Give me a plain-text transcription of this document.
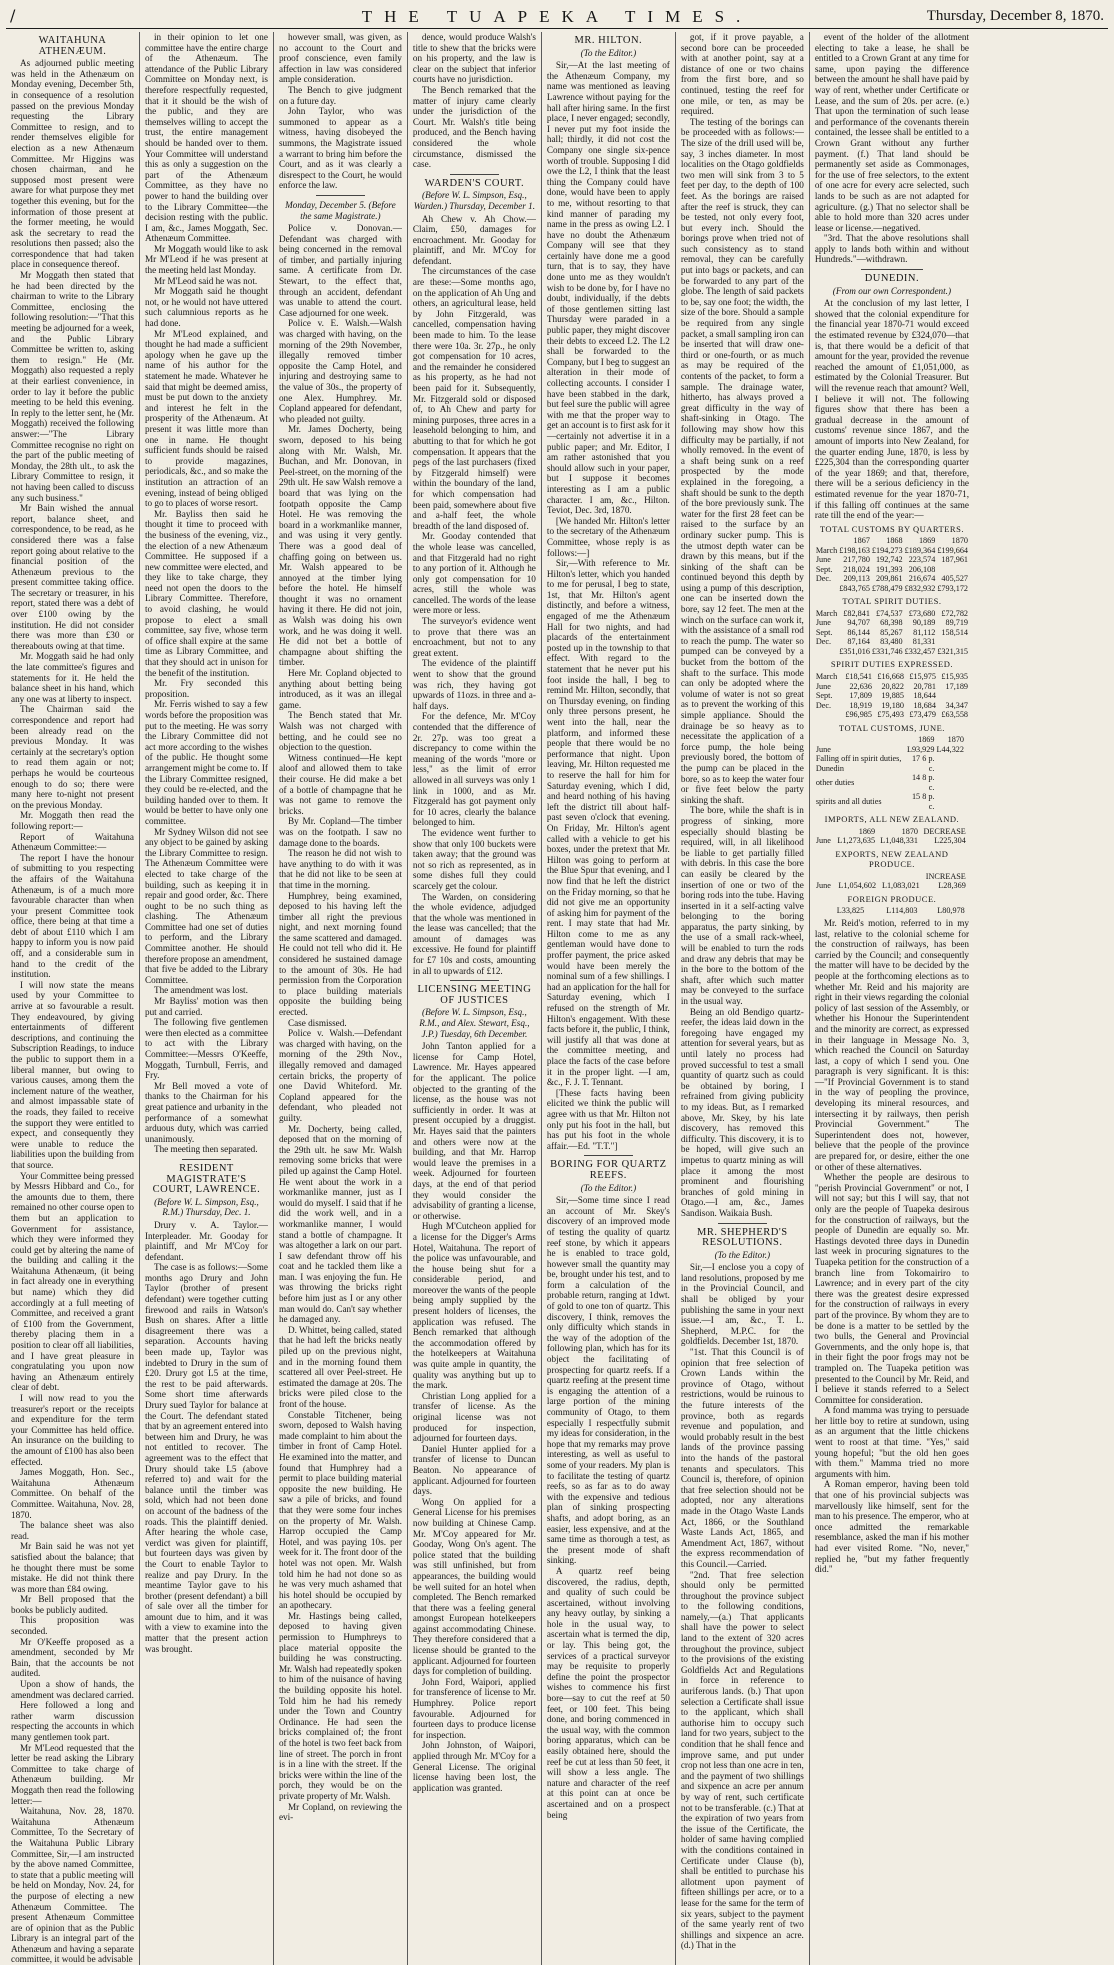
/	THE TUAPEKA TIMES.	Thursday, December 8, 1870.
WAITAHUNA ATHENÆUM.

As adjourned public meeting was held in the Athenæum on Monday evening, December 5th, in consequence of a resolution passed on the previous Monday requesting the Library Committee to resign, and to render themselves eligible for election as a new Athenæum Committee. Mr Higgins was chosen chairman, and he supposed most present were aware for what purpose they met together this evening, but for the information of those present at the former meeting, he would ask the secretary to read the resolutions then passed; also the correspondence that had taken place in consequence thereof.

Mr Moggath then stated that he had been directed by the chairman to write to the Library Committee, enclosing the following resolution:—"That this meeting be adjourned for a week, and the Public Library Committee be written to, asking them to resign." He (Mr. Moggath) also requested a reply at their earliest convenience, in order to lay it before the public meeting to be held this evening. In reply to the letter sent, he (Mr. Moggath) received the following answer:—"The Library Committee recognise no right on the part of the public meeting of Monday, the 28th ult., to ask the Library Committee to resign, it not having been called to discuss any such business."

Mr Bain wished the annual report, balance sheet, and correspondence, to be read, as he considered there was a false report going about relative to the financial position of the Athenæum previous to the present committee taking office. The secretary or treasurer, in his report, stated there was a debt of over £100 owing by the institution. He did not consider there was more than £30 or thereabouts owing at that time.

Mr. Moggath said he had only the late committee's figures and statements for it. He held the balance sheet in his hand, which any one was at liberty to inspect.

The Chairman said the correspondence and report had been already read on the previous Monday. It was certainly at the secretary's option to read them again or not; perhaps he would be courteous enough to do so; there were many here to-night not present on the previous Monday.

Mr. Moggath then read the following report:—

Report of Waitahuna Athenæum Committee:—

The report I have the honour of submitting to you respecting the affairs of the Waitahuna Athenæum, is of a much more favourable character than when your present Committee took office, there being at that time a debt of about £110 which I am happy to inform you is now paid off, and a considerable sum in hand to the credit of the institution.

I will now state the means used by your Committee to arrive at so favourable a result. They endeavoured, by giving entertainments of different descriptions, and continuing the Subscription Readings, to induce the public to support them in a liberal manner, but owing to various causes, among them the inclement nature of the weather, and almost impassable state of the roads, they failed to receive the support they were entitled to expect, and consequently they were unable to reduce the liabilities upon the building from that source.

Your Committee being pressed by Messrs Hibbard and Co., for the amounts due to them, there remained no other course open to them but an application to Government for assistance, which they were informed they could get by altering the name of the building and calling it the Waitahuna Athenæum, (it being in fact already one in everything but name) which they did accordingly at a full meeting of Committee, and received a grant of £100 from the Government, thereby placing them in a position to clear off all liabilities, and I have great pleasure in congratulating you upon now having an Athenæum entirely clear of debt.

I will now read to you the treasurer's report or the receipts and expenditure for the term your Committee has held office. An insurance on the building to the amount of £100 has also been effected.

James Moggath, Hon. Sec., Waitahuna Athenæum Committee. On behalf of the Committee. Waitahuna, Nov. 28, 1870.

The balance sheet was also read.

Mr Bain said he was not yet satisfied about the balance; that he thought there must be some mistake. He did not think there was more than £84 owing.

Mr Bell proposed that the books be publicly audited.

This proposition was seconded.

Mr O'Keeffe proposed as a amendment, seconded by Mr Bain, that the accounts be not audited.

Upon a show of hands, the amendment was declared carried.

Here followed a long and rather warm discussion respecting the accounts in which many gentlemen took part.

Mr M'Leod requested that the letter be read asking the Library Committee to take charge of Athenæum building. Mr Moggath then read the following letter:—

Waitahuna, Nov. 28, 1870. Waitahuna Athenæum Committee, To the Secretary of the Waitahuna Public Library Committee, Sir,—I am instructed by the above named Committee, to state that a public meeting will be held on Monday, Nov. 24, for the purpose of electing a new Athenæum Committee. The present Athenæum Committee are of opinion that as the Public Library is an integral part of the Athenæum and having a separate committee, it would be advisable

in their opinion to let one committee have the entire charge of the Athenæum. The attendance of the Public Library Committee on Monday next, is therefore respectfully requested, that it it should be the wish of the public, and they are themselves willing to accept the trust, the entire management should be handed over to them. Your Committee will understand this as only a suggestion on the part of the Athenæum Committee, as they have no power to hand the building over to the Library Committee—the decision resting with the public. I am, &c., James Moggath, Sec. Athenæum Committee.

Mr Moggath would like to ask Mr M'Leod if he was present at the meeting held last Monday.

Mr M'Leod said he was not.

Mr Moggath said he thought not, or he would not have uttered such calumnious reports as he had done.

Mr M'Leod explained, and thought he had made a sufficient apology when he gave up the name of his author for the statement he made. Whatever he said that might be deemed amiss, must be put down to the anxiety and interest he felt in the prosperity of the Athenæum. At present it was little more than one in name. He thought sufficient funds should be raised to provide magazines, periodicals, &c., and so make the institution an attraction of an evening, instead of being obliged to go to places of worse resort.

Mr. Bayliss then said he thought it time to proceed with the business of the evening, viz., the election of a new Athenæum Committee. He supposed if a new committee were elected, and they like to take charge, they need not open the doors to the Library Committee. Therefore, to avoid clashing, he would propose to elect a small committee, say five, whose term of office shall expire at the same time as Library Committee, and that they should act in unison for the benefit of the institution.

Mr. Fry seconded this proposition.

Mr. Ferris wished to say a few words before the proposition was put to the meeting. He was sorry the Library Committee did not act more according to the wishes of the public. He thought some arrangement might be come to. If the Library Committee resigned, they could be re-elected, and the building handed over to them. It would be better to have only one committee.

Mr Sydney Wilson did not see any object to be gained by asking the Library Committee to resign. The Athenæum Committee were elected to take charge of the building, such as keeping it in repair and good order, &c. There ought to be no such thing as clashing. The Athenæum Committee had one set of duties to perform, and the Library Committee another. He should therefore propose an amendment, that five be added to the Library Committee.

The amendment was lost.

Mr Bayliss' motion was then put and carried.

The following five gentlemen were then elected as a committee to act with the Library Committee:—Messrs O'Keeffe, Moggath, Turnbull, Ferris, and Fry.

Mr Bell moved a vote of thanks to the Chairman for his great patience and urbanity in the performance of a somewhat arduous duty, which was carried unanimously.

The meeting then separated.

RESIDENT MAGISTRATE'S COURT, LAWRENCE.
(Before W. L. Simpson, Esq., R.M.) Thursday, Dec. 1.

Drury v. A. Taylor.—Interpleader. Mr. Gooday for plaintiff, and Mr M'Coy for defendant.

The case is as follows:—Some months ago Drury and John Taylor (brother of present defendant) were together cutting firewood and rails in Watson's Bush on shares. After a little disagreement there was a separation. Accounts having been made up, Taylor was indebted to Drury in the sum of £20. Drury got L5 at the time, the rest to be paid afterwards. Some short time afterwards Drury sued Taylor for balance at the Court. The defendant stated that by an agreement entered into between him and Drury, he was not entitled to recover. The agreement was to the effect that Drury should take L5 (above referred to) and wait for the balance until the timber was sold, which had not been done on account of the badness of the roads. This the plaintiff denied. After hearing the whole case, verdict was given for plaintiff, but fourteen days was given by the Court to enable Taylor to realize and pay Drury. In the meantime Taylor gave to his brother (present defendant) a bill of sale over all the timber for amount due to him, and it was with a view to examine into the matter that the present action was brought.

however small, was given, as no account to the Court and proof conscience, even family affection in law was considered ample consideration.

The Bench to give judgment on a future day.

John Taylor, who was summoned to appear as a witness, having disobeyed the summons, the Magistrate issued a warrant to bring him before the Court, and as it was clearly a disrespect to the Court, he would enforce the law.

Monday, December 5. (Before the same Magistrate.)

Police v. Donovan.—Defendant was charged with being concerned in the removal of timber, and partially injuring same. A certificate from Dr. Stewart, to the effect that, through an accident, defendant was unable to attend the court. Case adjourned for one week.

Police v. E. Walsh.—Walsh was charged with having, on the morning of the 29th November, illegally removed timber opposite the Camp Hotel, and injuring and destroying same to the value of 30s., the property of one Alex. Humphrey. Mr. Copland appeared for defendant, who pleaded not guilty.

Mr. James Docherty, being sworn, deposed to his being along with Mr. Walsh, Mr. Buchan, and Mr. Donovan, in Peel-street, on the morning of the 29th ult. He saw Walsh remove a board that was lying on the footpath opposite the Camp Hotel. He was removing the board in a workmanlike manner, and was using it very gently. There was a good deal of chaffing going on between us. Mr. Walsh appeared to be annoyed at the timber lying before the hotel. He himself thought it was no ornament having it there. He did not join, as Walsh was doing his own work, and he was doing it well. He did not bet a bottle of champagne about shifting the timber.

Here Mr. Copland objected to anything about betting being introduced, as it was an illegal game.

The Bench stated that Mr. Walsh was not charged with betting, and he could see no objection to the question.

Witness continued—He kept aloof and allowed them to take their course. He did make a bet of a bottle of champagne that he was not game to remove the bricks.

By Mr. Copland—The timber was on the footpath. I saw no damage done to the boards.

The reason he did not wish to have anything to do with it was that he did not like to be seen at that time in the morning.

Humphrey, being examined, deposed to his having left the timber all right the previous night, and next morning found the same scattered and damaged. He could not tell who did it. He considered he sustained damage to the amount of 30s. He had permission from the Corporation to place building materials opposite the building being erected.

Case dismissed.

Police v. Walsh.—Defendant was charged with having, on the morning of the 29th Nov., illegally removed and damaged certain bricks, the property of one David Whiteford. Mr. Copland appeared for the defendant, who pleaded not guilty.

Mr. Docherty, being called, deposed that on the morning of the 29th ult. he saw Mr. Walsh removing some bricks that were piled up against the Camp Hotel. He went about the work in a workmanlike manner, just as I would do myself. I said that if he did the work well, and in a workmanlike manner, I would stand a bottle of champagne. It was altogether a lark on our part. I saw defendant throw off his coat and he tackled them like a man. I was enjoying the fun. He was throwing the bricks right before him just as I or any other man would do. Can't say whether he damaged any.

D. Whittet, being called, stated that he had left the bricks neatly piled up on the previous night, and in the morning found them scattered all over Peel-street. He estimated the damage at 20s. The bricks were piled close to the front of the house.

Constable Titchener, being sworn, deposed to Walsh having made complaint to him about the timber in front of Camp Hotel. He examined into the matter, and found that Humphrey had a permit to place building material opposite the new building. He saw a pile of bricks, and found that they were some four inches on the property of Mr. Walsh. Harrop occupied the Camp Hotel, and was paying 10s. per week for it. The front door of the hotel was not open. Mr. Walsh told him he had not done so as he was very much ashamed that his hotel should be occupied by an apothecary.

Mr. Hastings being called, deposed to having given permission to Humphreys to place material opposite the building he was constructing. Mr. Walsh had repeatedly spoken to him of the nuisance of having the building opposite his hotel. Told him he had his remedy under the Town and Country Ordinance. He had seen the bricks complained of; the front of the hotel is two feet back from line of street. The porch in front is in a line with the street. If the bricks were within the line of the porch, they would be on the private property of Mr. Walsh.

Mr Copland, on reviewing the evi-

dence, would produce Walsh's title to shew that the bricks were on his property, and the law is clear on the subject that inferior courts have no jurisdiction.

The Bench remarked that the matter of injury came clearly under the jurisdiction of the Court. Mr. Walsh's title being produced, and the Bench having considered the whole circumstance, dismissed the case.

WARDEN'S COURT.
(Before W. L. Simpson, Esq., Warden.) Thursday, December 1.

Ah Chew v. Ah Chow.—Claim, £50, damages for encroachment. Mr. Gooday for plaintiff, and Mr. M'Coy for defendant.

The circumstances of the case are these:—Some months ago, on the application of Ah Ung and others, an agricultural lease, held by John Fitzgerald, was cancelled, compensation having been made to him. To the lease there were 10a. 3r. 27p., he only got compensation for 10 acres, and the remainder he considered as his property, as he had not been paid for it. Subsequently, Mr. Fitzgerald sold or disposed of, to Ah Chew and party for mining purposes, three acres in a leasehold belonging to him, and abutting to that for which he got compensation. It appears that the pegs of the last purchasers (fixed by Fitzgerald himself) were within the boundary of the land, for which compensation had been paid, somewhere about five and a-half feet, the whole breadth of the land disposed of.

Mr. Gooday contended that the whole lease was cancelled, and that Fitzgerald had no right to any portion of it. Although he only got compensation for 10 acres, still the whole was cancelled. The words of the lease were more or less.

The surveyor's evidence went to prove that there was an encroachment, but not to any great extent.

The evidence of the plaintiff went to show that the ground was rich, they having got upwards of 11ozs. in three and a-half days.

For the defence, Mr. M'Coy contended that the difference of 2r. 27p. was too great a discrepancy to come within the meaning of the words "more or less," as the limit of error allowed in all surveys was only 1 link in 1000, and as Mr. Fitzgerald has got payment only for 10 acres, clearly the balance belonged to him.

The evidence went further to show that only 100 buckets were taken away; that the ground was not so rich as represented, as in some dishes full they could scarcely get the colour.

The Warden, on considering the whole evidence, adjudged that the whole was mentioned in the lease was cancelled; that the amount of damages was excessive. He found for plaintiff for £7 10s and costs, amounting in all to upwards of £12.

LICENSING MEETING OF JUSTICES
(Before W. L. Simpson, Esq., R.M., and Alex. Stewart, Esq., J.P.) Tuesday, 6th December.

John Tanton applied for a license for Camp Hotel, Lawrence. Mr. Hayes appeared for the applicant. The police objected to the granting of the license, as the house was not sufficiently in order. It was at present occupied by a druggist. Mr. Hayes said that the painters and others were now at the building, and that Mr. Harrop would leave the premises in a week. Adjourned for fourteen days, at the end of that period they would consider the advisability of granting a license, or otherwise.

Hugh M'Cutcheon applied for a license for the Digger's Arms Hotel, Waitahuna. The report of the police was unfavourable, and the house being shut for a considerable period, and moreover the wants of the people being amply supplied by the present holders of licenses, the application was refused. The Bench remarked that although the accommodation offered by the hotelkeepers at Waitahuna was quite ample in quantity, the quality was anything but up to the mark.

Christian Long applied for a transfer of license. As the original license was not produced for inspection, adjourned for fourteen days.

Daniel Hunter applied for a transfer of license to Duncan Beaton. No appearance of applicant. Adjourned for fourteen days.

Wong On applied for a General License for his premises now building at Chinese Camp. Mr. M'Coy appeared for Mr. Gooday, Wong On's agent. The police stated that the building was still unfinished, but from appearances, the building would be well suited for an hotel when completed. The Bench remarked that there was a feeling general amongst European hotelkeepers against accommodating Chinese. They therefore considered that a license should be granted to the applicant. Adjourned for fourteen days for completion of building.

John Ford, Waipori, applied for transference of license to Mr. Humphrey. Police report favourable. Adjourned for fourteen days to produce license for inspection.

John Johnston, of Waipori, applied through Mr. M'Coy for a General License. The original license having been lost, the application was granted.

MR. HILTON.
(To the Editor.)

Sir,—At the last meeting of the Athenæum Company, my name was mentioned as leaving Lawrence without paying for the hall after hiring same. In the first place, I never engaged; secondly, I never put my foot inside the hall; thirdly, it did not cost the Company one single six-pence worth of trouble. Supposing I did owe the L2, I think that the least thing the Company could have done, would have been to apply to me, without resorting to that kind manner of parading my name in the press as owing L2. I have no doubt the Athenæum Company will see that they certainly have done me a good turn, that is to say, they have done unto me as they wouldn't wish to be done by, for I have no doubt, individually, if the debts of those gentlemen sitting last Thursday were paraded in a public paper, they might discover their debts to exceed L2. The L2 shall be forwarded to the Company, but I beg to suggest an alteration in their mode of collecting accounts. I consider I have been stabbed in the dark, but feel sure the public will agree with me that the proper way to get an account is to first ask for it—certainly not advertise it in a public paper; and Mr. Editor, I am rather astonished that you should allow such in your paper, but I suppose it becomes interesting as I am a public character. I am, &c., Hilton. Teviot, Dec. 3rd, 1870.

[We handed Mr. Hilton's letter to the secretary of the Athenæum Committee, whose reply is as follows:—]

Sir,—With reference to Mr. Hilton's letter, which you handed to me for perusal, I beg to state, 1st, that Mr. Hilton's agent distinctly, and before a witness, engaged of me the Athenæum Hall for two nights, and had placards of the entertainment posted up in the township to that effect. With regard to the statement that he never put his foot inside the hall, I beg to remind Mr. Hilton, secondly, that on Thursday evening, on finding only three persons present, he went into the hall, near the platform, and informed these people that there would be no performance that night. Upon leaving, Mr. Hilton requested me to reserve the hall for him for Saturday evening, which I did, and heard nothing of his having left the district till about half-past seven o'clock that evening. On Friday, Mr. Hilton's agent called with a vehicle to get his boxes, under the pretext that Mr. Hilton was going to perform at the Blue Spur that evening, and I now find that he left the district on the Friday morning, so that he did not give me an opportunity of asking him for payment of the rent. I may state that had Mr. Hilton come to me as any gentleman would have done to proffer payment, the price asked would have been merely the nominal sum of a few shillings. I had an application for the hall for Saturday evening, which I refused on the strength of Mr. Hilton's engagement. With these facts before it, the public, I think, will justify all that was done at the committee meeting, and place the facts of the case before it in the proper light. —I am, &c., F. J. T. Tennant.

[These facts having been elicited we think the public will agree with us that Mr. Hilton not only put his foot in the hall, but has put his foot in the whole affair.—Ed. "T.T."]

BORING FOR QUARTZ REEFS.
(To the Editor.)

Sir,—Some time since I read an account of Mr. Skey's discovery of an improved mode of testing the quality of quartz reef stone, by which it appears he is enabled to trace gold, however small the quantity may be, brought under his test, and to form a calculation of the probable return, ranging at 1dwt. of gold to one ton of quartz. This discovery, I think, removes the only difficulty which stands in the way of the adoption of the following plan, which has for its object the facilitating of prospecting for quartz reefs. If a quartz reefing at the present time is engaging the attention of a large portion of the mining community of Otago, to them especially I respectfully submit my ideas for consideration, in the hope that my remarks may prove interesting, as well as useful to some of your readers. My plan is to facilitate the testing of quartz reefs, so as far as to do away with the expensive and tedious plan of sinking prospecting shafts, and adopt boring, as an easier, less expensive, and at the same time as thorough a test, as the present mode of shaft sinking.

A quartz reef being discovered, the radius, depth, and quality of such could be ascertained, without involving any heavy outlay, by sinking a hole in the usual way, to ascertain what is termed the dip, or lay. This being got, the services of a practical surveyor may be requisite to properly define the point the prospector wishes to commence his first bore—say to cut the reef at 50 feet, or 100 feet. This being done, and boring commenced in the usual way, with the common boring apparatus, which can be easily obtained here, should the reef be cut at less than 50 feet, it will show a less angle. The nature and character of the reef at this point can at once be ascertained and on a prospect being

got, if it prove payable, a second bore can be proceeded with at another point, say at a distance of one or two chains from the first bore, and so continued, testing the reef for one mile, or ten, as may be required.

The testing of the borings can be proceeded with as follows:—The size of the drill used will be, say, 3 inches diameter. In most localities on the Otago goldfields two men will sink from 3 to 5 feet per day, to the depth of 100 feet. As the borings are raised after the reef is struck, they can be tested, not only every foot, but every inch. Should the borings prove when tried not of such consistency as to stand removal, they can be carefully put into bags or packets, and can be forwarded to any part of the globe. The length of said packets to be, say one foot; the width, the size of the bore. Should a sample be required from any single packet, a small sampling iron can be inserted that will draw one-third or one-fourth, or as much as may be required of the contents of the packet, to form a sample. The drainage water, hitherto, has always proved a great difficulty in the way of shaft-sinking in Otago. The following may show how this difficulty may be partially, if not wholly removed. In the event of a shaft being sunk on a reef prospected by the mode explained in the foregoing, a shaft should be sunk to the depth of the bore previously sunk. The water for the first 28 feet can be raised to the surface by an ordinary sucker pump. This is the utmost depth water can be drawn by this means, but if the sinking of the shaft can be continued beyond this depth by using a pump of this description, one can be inserted down the bore, say 12 feet. The men at the winch on the surface can work it, with the assistance of a small rod to reach the pump. The water so pumped can be conveyed by a bucket from the bottom of the shaft to the surface. This mode can only be adopted where the volume of water is not so great as to prevent the working of this simple appliance. Should the drainage be so heavy as to necessitate the application of a force pump, the hole being previously bored, the bottom of the pump can be placed in the bore, so as to keep the water four or five feet below the party sinking the shaft.

The bore, while the shaft is in progress of sinking, more especially should blasting be required, will, in all likelihood be liable to get partially filled with debris. In this case the bore can easily be cleared by the insertion of one or two of the boring rods into the tube. Having inserted in it a self-acting valve belonging to the boring apparatus, the party sinking, by the use of a small rack-wheel, will be enabled to turn the rods and draw any debris that may be in the bore to the bottom of the shaft, after which such matter may be conveyed to the surface in the usual way.

Being an old Bendigo quartz-reefer, the ideas laid down in the foregoing have engaged my attention for several years, but as until lately no process had proved successful to test a small quantity of quartz such as could be obtained by boring, I refrained from giving publicity to my ideas. But, as I remarked above, Mr. Skey, by his late discovery, has removed this difficulty. This discovery, it is to be hoped, will give such an impetus to quartz mining as will place it among the most prominent and flourishing branches of gold mining in Otago.—I am, &c., James Sandison. Waikaia Bush.

MR. SHEPHERD'S RESOLUTIONS.
(To the Editor.)

Sir,—I enclose you a copy of land resolutions, proposed by me in the Provincial Council, and shall be obliged by your publishing the same in your next issue.—I am, &c., T. L. Shepherd, M.P.C. for the goldfields. December 1st, 1870.

"1st. That this Council is of opinion that free selection of Crown Lands within the province of Otago, without restrictions, would be ruinous to the future interests of the province, both as regards revenue and population, and would probably result in the best lands of the province passing into the hands of the pastoral tenants and speculators. This Council is, therefore, of opinion that free selection should not be adopted, nor any alterations made in the Otago Waste Lands Act, 1866, or the Southland Waste Lands Act, 1865, and Amendment Act, 1867, without the express recommendation of this Council.—Carried.

"2nd. That free selection should only be permitted throughout the province subject to the following conditions, namely,—(a.) That applicants shall have the power to select land to the extent of 320 acres throughout the province, subject to the provisions of the existing Goldfields Act and Regulations in force in reference to auriferous lands. (b.) That upon selection a Certificate shall issue to the applicant, which shall authorise him to occupy such land for two years, subject to the condition that he shall fence and improve same, and put under crop not less than one acre in ten, and the payment of two shillings and sixpence an acre per annum by way of rent, such certificate not to be transferable. (c.) That at the expiration of two years from the issue of the Certificate, the holder of same having complied with the conditions contained in Certificate under Clause (b), shall be entitled to purchase his allotment upon payment of fifteen shillings per acre, or to a lease for the same for the term of six years, subject to the payment of the same yearly rent of two shillings and sixpence an acre. (d.) That in the

event of the holder of the allotment electing to take a lease, he shall be entitled to a Crown Grant at any time for same, upon paying the difference between the amount he shall have paid by way of rent, whether under Certificate or Lease, and the sum of 20s. per acre. (e.) That upon the termination of such lease and performance of the covenants therein contained, the lessee shall be entitled to a Crown Grant without any further payment. (f.) That land should be permanently set aside as Commonages, for the use of free selectors, to the extent of one acre for every acre selected, such lands to be such as are not adapted for agriculture. (g.) That no selector shall be able to hold more than 320 acres under lease or license.—negatived.

"3rd. That the above resolutions shall apply to lands both within and without Hundreds."—withdrawn.

DUNEDIN.
(From our own Correspondent.)

At the conclusion of my last letter, I showed that the colonial expenditure for the financial year 1870-71 would exceed the estimated revenue by £324,070—that is, that there would be a deficit of that amount for the year, provided the revenue reached the amount of £1,051,000, as estimated by the Colonial Treasurer. But will the revenue reach that amount? Well, I believe it will not. The following figures show that there has been a gradual decrease in the amount of customs' revenue since 1867, and the amount of imports into New Zealand, for the quarter ending June, 1870, is less by £225,304 than the corresponding quarter of the year 1869; and that, therefore, there will be a serious deficiency in the estimated revenue for the year 1870-71, if this falling off continues at the same rate till the end of the year:—

TOTAL CUSTOMS BY QUARTERS.
	1867	1868	1869	1870
March	£198,163	£194,273	£189,364	£199,664
June	217,780	192,742	223,574	187,961
Sept.	218,024	191,393	206,108	
Dec.	209,113	209,861	216,674	405,527
	£843,765	£788,479	£832,932	£793,172
TOTAL SPIRIT DUTIES.
March	£82,841	£74,537	£73,680	£72,782
June	94,707	68,398	90,189	89,719
Sept.	86,144	85,267	81,112	158,514
Dec.	87,164	83,480	81,331	
	£351,016	£331,746	£332,457	£321,315
SPIRIT DUTIES EXPRESSED.
March	£18,541	£16,668	£15,975	£15,935
June	22,636	20,822	20,781	17,189
Sept.	17,809	19,885	18,644	
Dec.	18,919	19,180	18,684	34,347
	£96,985	£75,493	£73,479	£63,558
TOTAL CUSTOMS, JUNE.
	1869	1870		
June	L93,929	L44,322		
Falling off in spirit duties, Dunedin	17 6 p. c.			
other duties	14 8 p. c.			
spirits and all duties	15 8 p. c.			
IMPORTS, ALL NEW ZEALAND.
	1869	1870	DECREASE	
June	L1,273,635	L1,048,331	L225,304	
EXPORTS, NEW ZEALAND PRODUCE.
			INCREASE	
June	L1,054,602	L1,083,021	L28,369	
FOREIGN PRODUCE.
	L33,825	L114,803	L80,978	

Mr. Reid's motion, referred to in my last, relative to the colonial scheme for the construction of railways, has been carried by the Council; and consequently the matter will have to be decided by the people at the forthcoming elections as to whether Mr. Reid and his majority are right in their views regarding the colonial policy of last session of the Assembly, or whether his Honour the Superintendent and the minority are correct, as expressed in their language in Message No. 3, which reached the Council on Saturday last, a copy of which I send you. One paragraph is very significant. It is this:—"If Provincial Government is to stand in the way of peopling the province, developing its mineral resources, and intersecting it by railways, then perish Provincial Government." The Superintendent does not, however, believe that the people of the province are prepared for, or desire, either the one or other of these alternatives.

Whether the people are desirous to "perish Provincial Government" or not, I will not say; but this I will say, that not only are the people of Tuapeka desirous for the construction of railways, but the people of Dunedin are equally so. Mr. Hastings devoted three days in Dunedin last week in procuring signatures to the Tuapeka petition for the construction of a branch line from Tokomairiro to Lawrence; and in every part of the city there was the greatest desire expressed for the construction of railways in every part of the province. By whom they are to be done is a matter to be settled by the two bulls, the General and Provincial Governments, and the only hope is, that in their fight the poor frogs may not be trampled on. The Tuapeka petition was presented to the Council by Mr. Reid, and I believe it stands referred to a Select Committee for consideration.

A fond mamma was trying to persuade her little boy to retire at sundown, using as an argument that the little chickens went to roost at that time. "Yes," said young hopeful; "but the old hen goes with them." Mamma tried no more arguments with him.

A Roman emperor, having been told that one of his provincial subjects was marvellously like himself, sent for the man to his presence. The emperor, who at once admitted the remarkable resemblance, asked the man if his mother had ever visited Rome. "No, never," replied he, "but my father frequently did."
